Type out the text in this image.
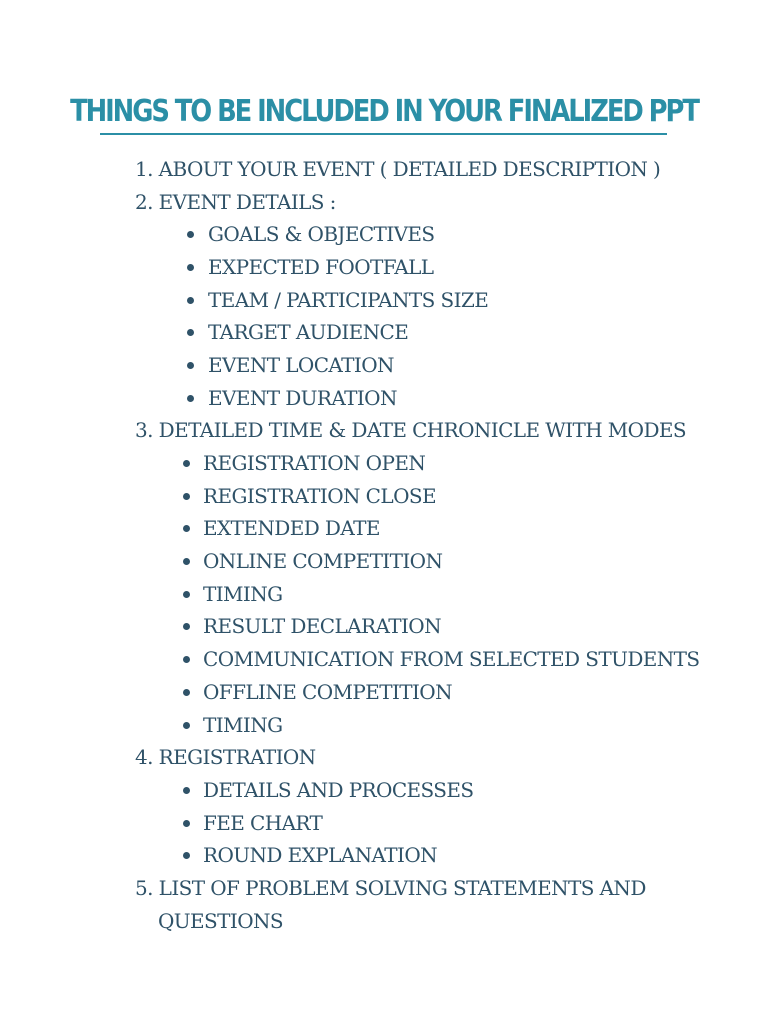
THINGS TO BE INCLUDED IN YOUR FINALIZED PPT
1. ABOUT YOUR EVENT ( DETAILED DESCRIPTION )
2. EVENT DETAILS :
GOALS & OBJECTIVES
EXPECTED FOOTFALL
TEAM / PARTICIPANTS SIZE
TARGET AUDIENCE
EVENT LOCATION
EVENT DURATION
3. DETAILED TIME & DATE CHRONICLE WITH MODES
REGISTRATION OPEN
REGISTRATION CLOSE
EXTENDED DATE
ONLINE COMPETITION
TIMING
RESULT DECLARATION
COMMUNICATION FROM SELECTED STUDENTS
OFFLINE COMPETITION
TIMING
4. REGISTRATION
DETAILS AND PROCESSES
FEE CHART
ROUND EXPLANATION
5. LIST OF PROBLEM SOLVING STATEMENTS AND
QUESTIONS
